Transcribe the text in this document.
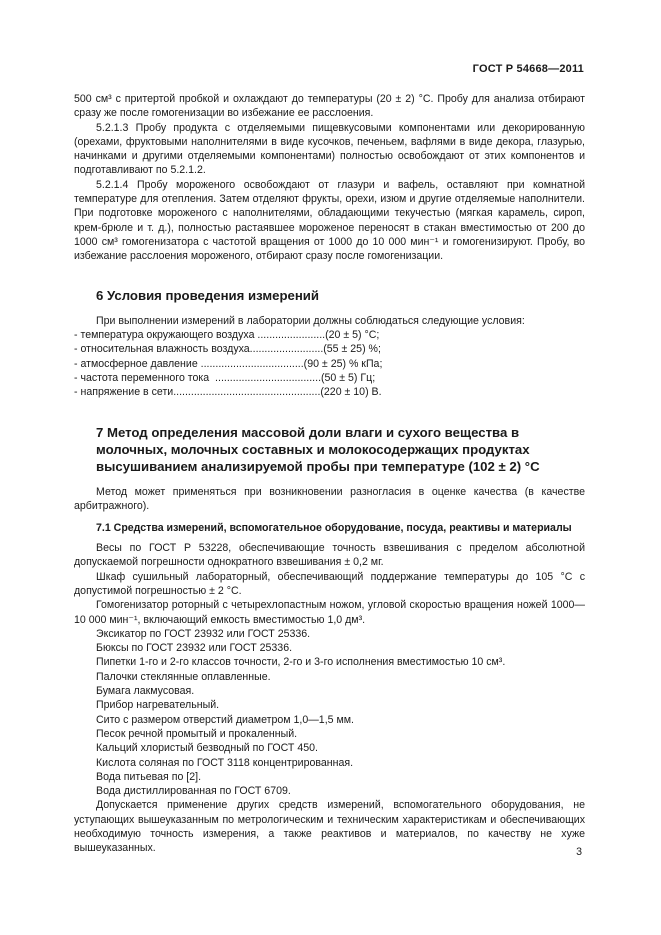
ГОСТ Р 54668—2011

500 см³ с притертой пробкой и охлаждают до температуры (20 ± 2) °С. Пробу для анализа отбирают сразу же после гомогенизации во избежание ее расслоения.

5.2.1.3 Пробу продукта с отделяемыми пищевкусовыми компонентами или декорированную (орехами, фруктовыми наполнителями в виде кусочков, печеньем, вафлями в виде декора, глазурью, начинками и другими отделяемыми компонентами) полностью освобождают от этих компонентов и подготавливают по 5.2.1.2.

5.2.1.4 Пробу мороженого освобождают от глазури и вафель, оставляют при комнатной температуре для отепления. Затем отделяют фрукты, орехи, изюм и другие отделяемые наполнители. При подготовке мороженого с наполнителями, обладающими текучестью (мягкая карамель, сироп, крем-брюле и т. д.), полностью растаявшее мороженое переносят в стакан вместимостью от 200 до 1000 см³ гомогенизатора с частотой вращения от 1000 до 10 000 мин⁻¹ и гомогенизируют. Пробу, во избежание расслоения мороженого, отбирают сразу после гомогенизации.

6 Условия проведения измерений

При выполнении измерений в лаборатории должны соблюдаться следующие условия:

- температура окружающего воздуха .......................(20 ± 5) °С;
- относительная влажность воздуха.........................(55 ± 25) %;
- атмосферное давление ...................................(90 ± 25) % кПа;
- частота переменного тока  ....................................(50 ± 5) Гц;
- напряжение в сети..................................................(220 ± 10) В.
7 Метод определения массовой доли влаги и сухого вещества в молочных, молочных составных и молокосодержащих продуктах высушиванием анализируемой пробы при температуре (102 ± 2) °С

Метод может применяться при возникновении разногласия в оценке качества (в качестве арбитражного).

7.1 Средства измерений, вспомогательное оборудование, посуда, реактивы и материалы

Весы по ГОСТ Р 53228, обеспечивающие точность взвешивания с пределом абсолютной допускаемой погрешности однократного взвешивания ± 0,2 мг.

Шкаф сушильный лабораторный, обеспечивающий поддержание температуры до 105 °С с допустимой погрешностью ± 2 °С.

Гомогенизатор роторный с четырехлопастным ножом, угловой скоростью вращения ножей 1000—10 000 мин⁻¹, включающий емкость вместимостью 1,0 дм³.

Эксикатор по ГОСТ 23932 или ГОСТ 25336.

Бюксы по ГОСТ 23932 или ГОСТ 25336.

Пипетки 1-го и 2-го классов точности, 2-го и 3-го исполнения вместимостью 10 см³.

Палочки стеклянные оплавленные.

Бумага лакмусовая.

Прибор нагревательный.

Сито с размером отверстий диаметром 1,0—1,5 мм.

Песок речной промытый и прокаленный.

Кальций хлористый безводный по ГОСТ 450.

Кислота соляная по ГОСТ 3118 концентрированная.

Вода питьевая по [2].

Вода дистиллированная по ГОСТ 6709.

Допускается применение других средств измерений, вспомогательного оборудования, не уступающих вышеуказанным по метрологическим и техническим характеристикам и обеспечивающих необходимую точность измерения, а также реактивов и материалов, по качеству не хуже вышеуказанных.	3
